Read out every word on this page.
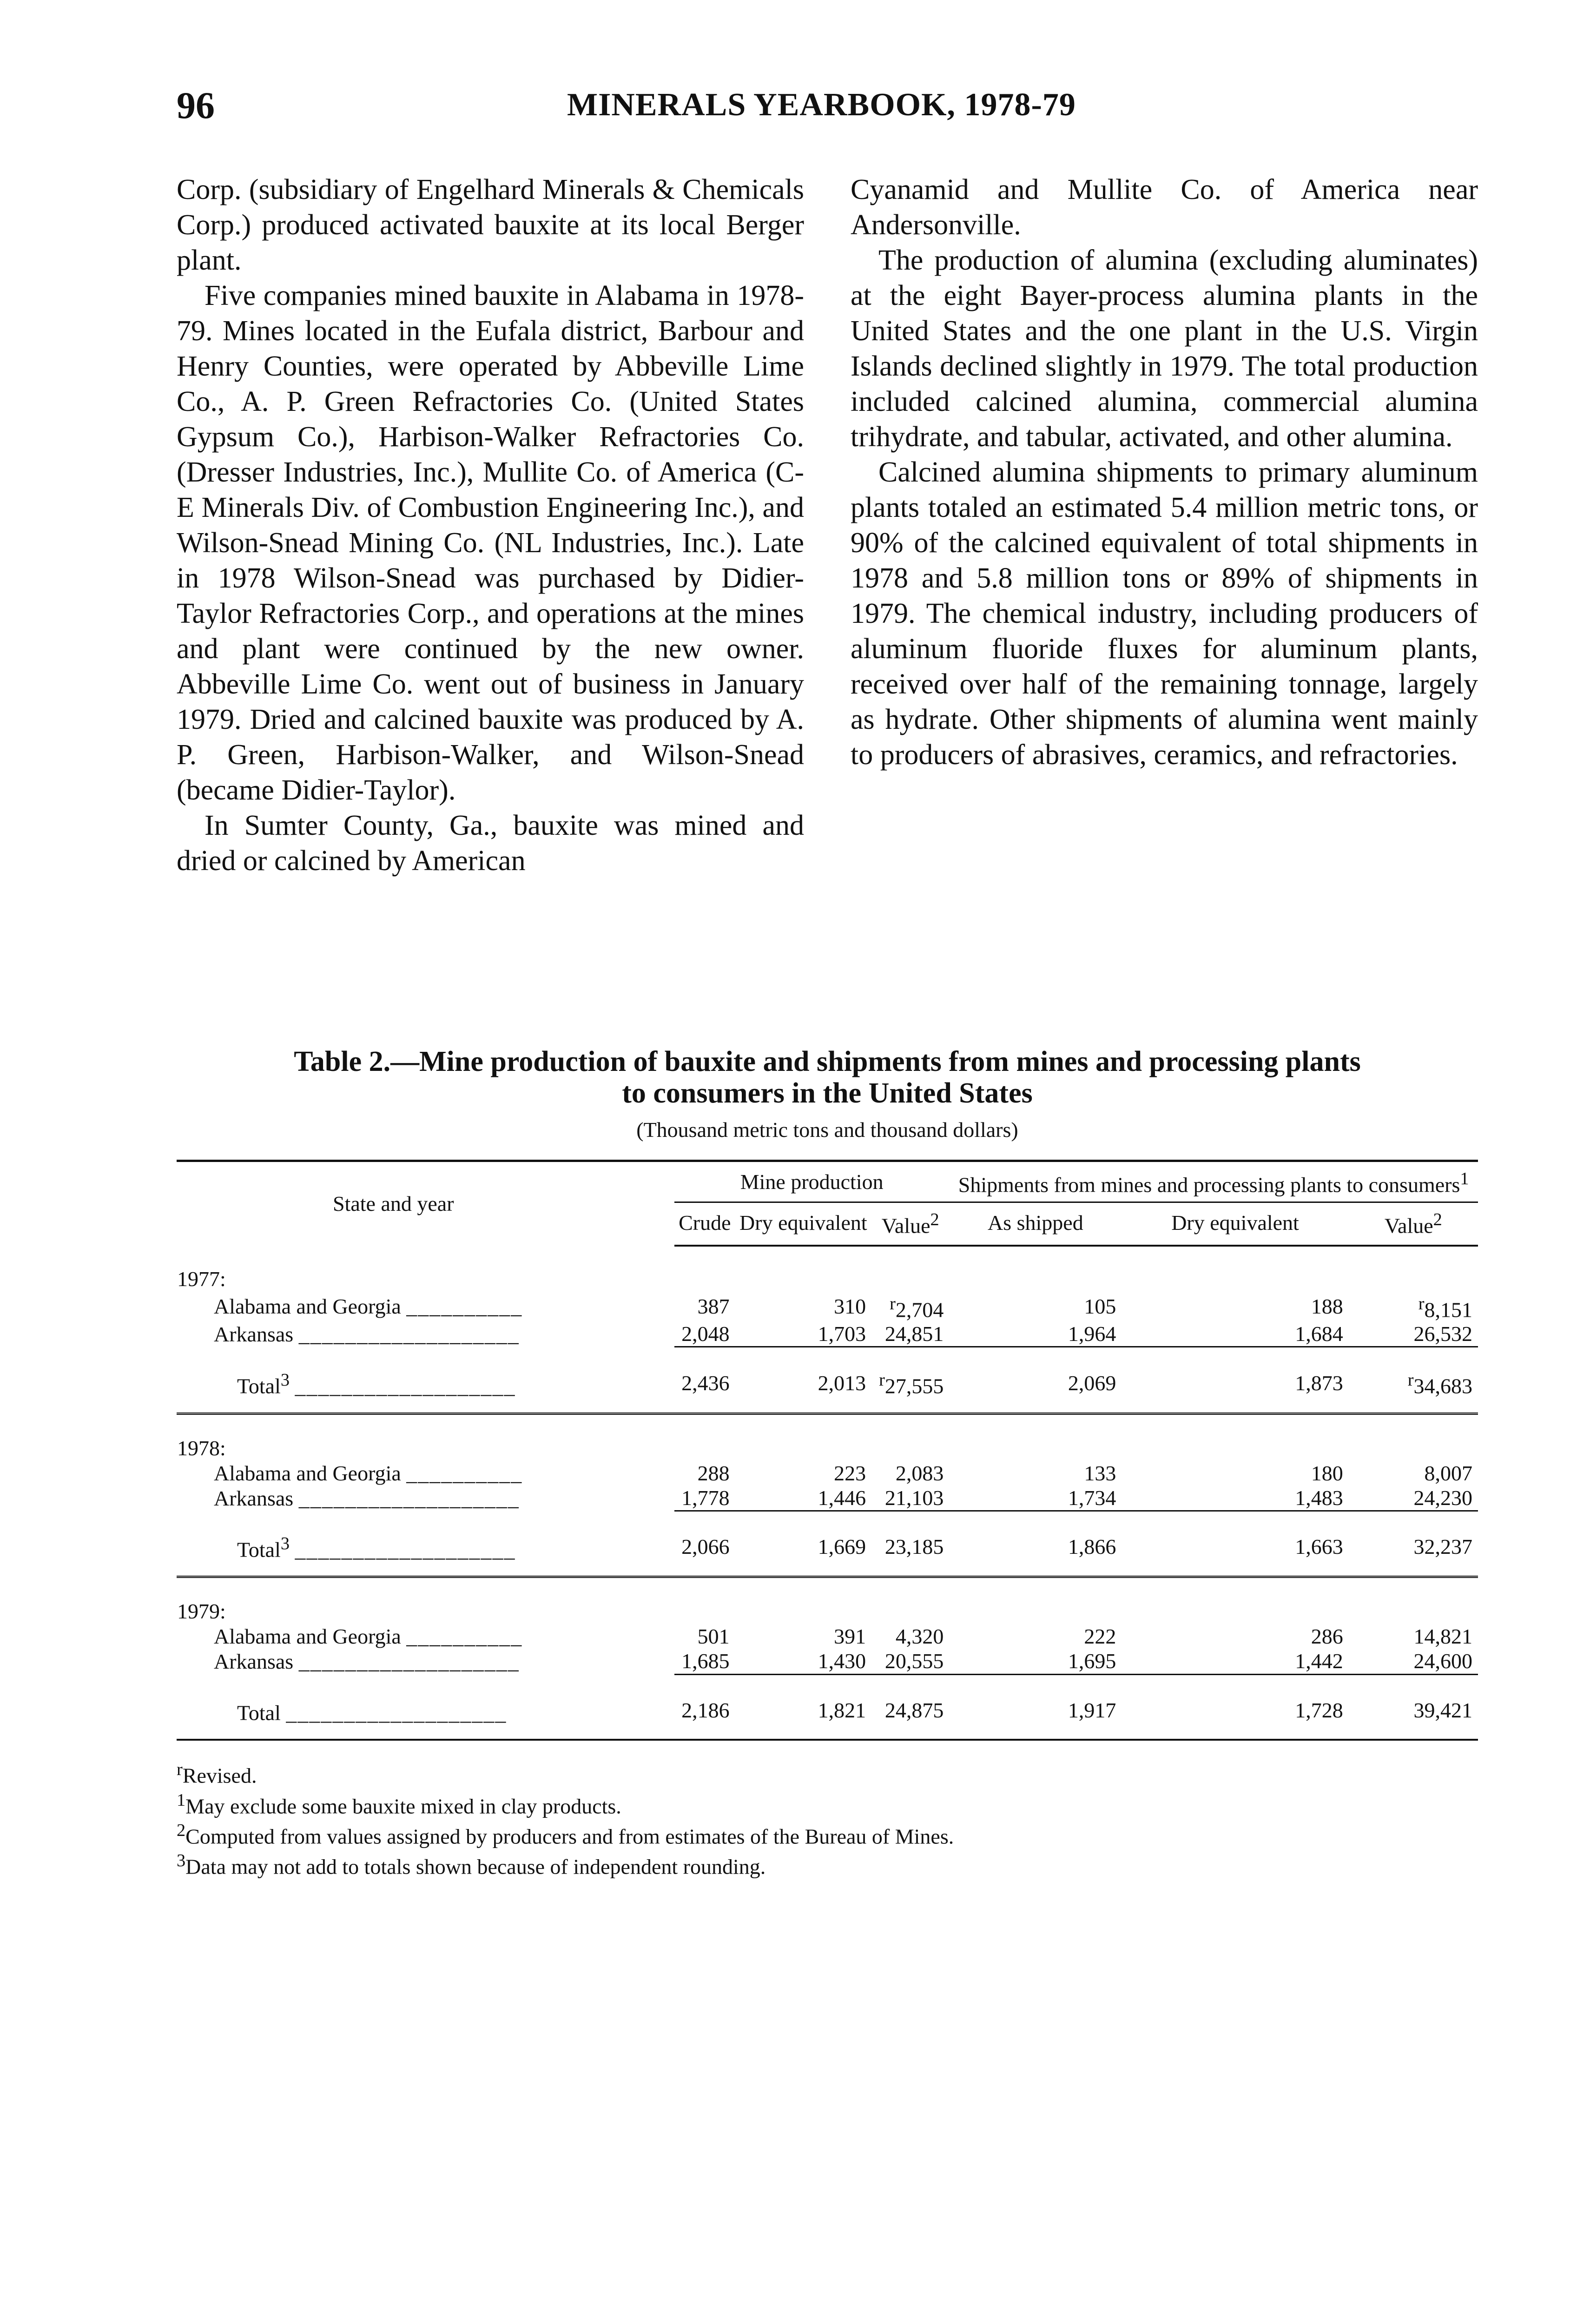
96	MINERALS YEARBOOK, 1978-79

Corp. (subsidiary of Engelhard Minerals & Chemicals Corp.) produced activated bauxite at its local Berger plant.

Five companies mined bauxite in Alabama in 1978-79. Mines located in the Eufala district, Barbour and Henry Counties, were operated by Abbeville Lime Co., A. P. Green Refractories Co. (United States Gypsum Co.), Harbison-Walker Refractories Co. (Dresser Industries, Inc.), Mullite Co. of America (C-E Minerals Div. of Combustion Engineering Inc.), and Wilson-Snead Mining Co. (NL Industries, Inc.). Late in 1978 Wilson-Snead was purchased by Didier-Taylor Refractories Corp., and operations at the mines and plant were continued by the new owner. Abbeville Lime Co. went out of business in January 1979. Dried and calcined bauxite was produced by A. P. Green, Harbison-Walker, and Wilson-Snead (became Didier-Taylor).

In Sumter County, Ga., bauxite was mined and dried or calcined by American

Cyanamid and Mullite Co. of America near Andersonville.

The production of alumina (excluding aluminates) at the eight Bayer-process alumina plants in the United States and the one plant in the U.S. Virgin Islands declined slightly in 1979. The total production included calcined alumina, commercial alumina trihydrate, and tabular, activated, and other alumina.

Calcined alumina shipments to primary aluminum plants totaled an estimated 5.4 million metric tons, or 90% of the calcined equivalent of total shipments in 1978 and 5.8 million tons or 89% of shipments in 1979. The chemical industry, including producers of aluminum fluoride fluxes for aluminum plants, received over half of the remaining tonnage, largely as hydrate. Other shipments of alumina went mainly to producers of abrasives, ceramics, and refractories.

Table 2.—Mine production of bauxite and shipments from mines and processing plants to consumers in the United States
(Thousand metric tons and thousand dollars)
State and year	Mine production			Shipments from mines and processing plants to consumers$^1$
	Crude	Dry equivalent	Value$^2$	As shipped	Dry equivalent	Value$^2$
1977:						
Alabama and Georgia __________	387	310	$^r$2,704	105	188	$^r$8,151
Arkansas ___________________	2,048	1,703	24,851	1,964	1,684	26,532
Total$^3$ ___________________	2,436	2,013	$^r$27,555	2,069	1,873	$^r$34,683
1978:						
Alabama and Georgia __________	288	223	2,083	133	180	8,007
Arkansas ___________________	1,778	1,446	21,103	1,734	1,483	24,230
Total$^3$ ___________________	2,066	1,669	23,185	1,866	1,663	32,237
1979:						
Alabama and Georgia __________	501	391	4,320	222	286	14,821
Arkansas ___________________	1,685	1,430	20,555	1,695	1,442	24,600
Total ___________________	2,186	1,821	24,875	1,917	1,728	39,421
$^r$Revised.
$^1$May exclude some bauxite mixed in clay products.
$^2$Computed from values assigned by producers and from estimates of the Bureau of Mines.
$^3$Data may not add to totals shown because of independent rounding.
